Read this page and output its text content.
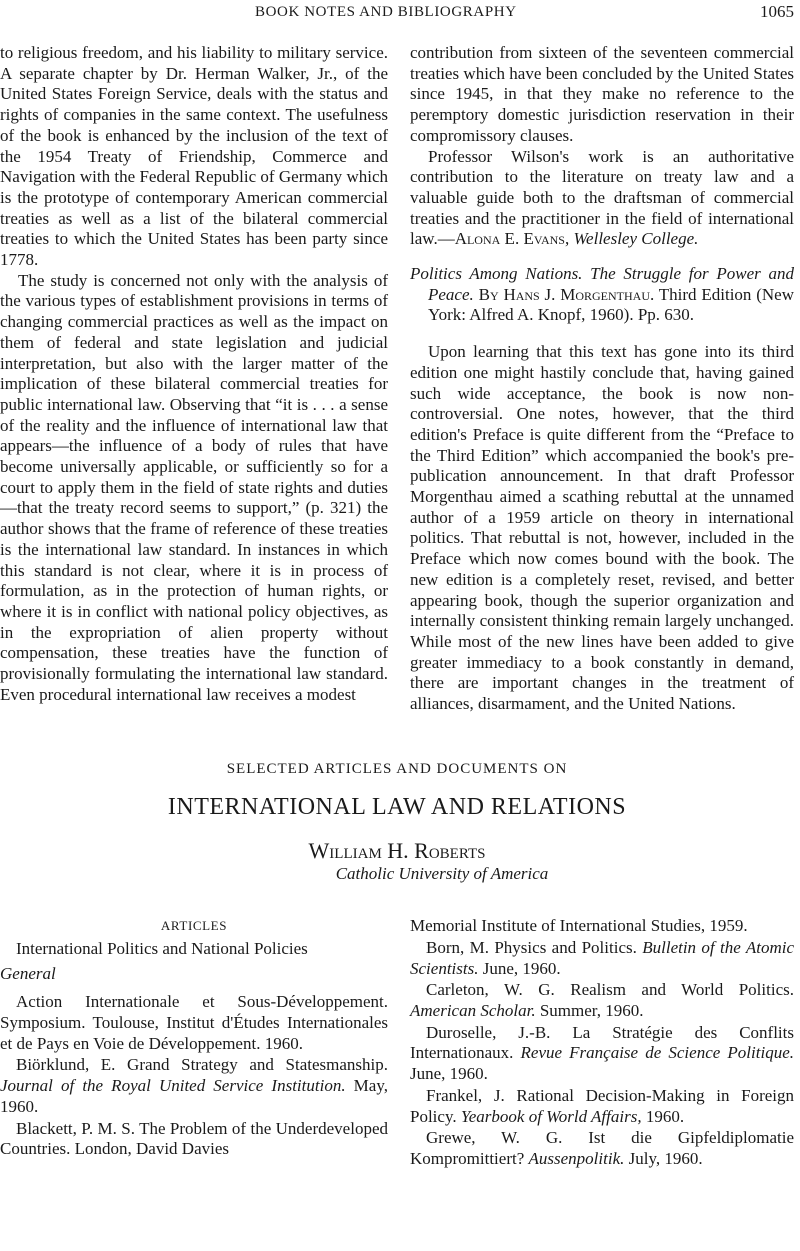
BOOK NOTES AND BIBLIOGRAPHY	1065

to religious freedom, and his liability to military service. A separate chapter by Dr. Herman Walker, Jr., of the United States Foreign Service, deals with the status and rights of companies in the same context. The usefulness of the book is enhanced by the inclusion of the text of the 1954 Treaty of Friendship, Commerce and Navigation with the Federal Republic of Germany which is the prototype of contemporary American commercial treaties as well as a list of the bilateral commercial treaties to which the United States has been party since 1778.

The study is concerned not only with the analysis of the various types of establishment provisions in terms of changing commercial practices as well as the impact on them of federal and state legislation and judicial interpretation, but also with the larger matter of the implication of these bilateral commercial treaties for public international law. Observing that “it is . . . a sense of the reality and the influence of international law that appears—the influence of a body of rules that have become universally applicable, or sufficiently so for a court to apply them in the field of state rights and duties—that the treaty record seems to support,” (p. 321) the author shows that the frame of reference of these treaties is the international law standard. In instances in which this standard is not clear, where it is in process of formulation, as in the protection of human rights, or where it is in conflict with national policy objectives, as in the expropriation of alien property without compensation, these treaties have the function of provisionally formulating the international law standard. Even procedural international law receives a modest

contribution from sixteen of the seventeen commercial treaties which have been concluded by the United States since 1945, in that they make no reference to the peremptory domestic jurisdiction reservation in their compromissory clauses.

Professor Wilson's work is an authoritative contribution to the literature on treaty law and a valuable guide both to the draftsman of commercial treaties and the practitioner in the field of international law.—Alona E. Evans, Wellesley College.

Politics Among Nations. The Struggle for Power and Peace. By Hans J. Morgenthau. Third Edition (New York: Alfred A. Knopf, 1960). Pp. 630.

Upon learning that this text has gone into its third edition one might hastily conclude that, having gained such wide acceptance, the book is now non-controversial. One notes, however, that the third edition's Preface is quite different from the “Preface to the Third Edition” which accompanied the book's pre-publication announcement. In that draft Professor Morgenthau aimed a scathing rebuttal at the unnamed author of a 1959 article on theory in international politics. That rebuttal is not, however, included in the Preface which now comes bound with the book. The new edition is a completely reset, revised, and better appearing book, though the superior organization and internally consistent thinking remain largely unchanged. While most of the new lines have been added to give greater immediacy to a book constantly in demand, there are important changes in the treatment of alliances, disarmament, and the United Nations.

SELECTED ARTICLES AND DOCUMENTS ON
INTERNATIONAL LAW AND RELATIONS
William H. Roberts
Catholic University of America
ARTICLES
International Politics and National Policies
General

Action Internationale et Sous-Développement. Symposium. Toulouse, Institut d'Études Internationales et de Pays en Voie de Développement. 1960.

Biörklund, E. Grand Strategy and Statesmanship. Journal of the Royal United Service Institution. May, 1960.

Blackett, P. M. S. The Problem of the Underdeveloped Countries. London, David Davies

Memorial Institute of International Studies, 1959.

Born, M. Physics and Politics. Bulletin of the Atomic Scientists. June, 1960.

Carleton, W. G. Realism and World Politics. American Scholar. Summer, 1960.

Duroselle, J.-B. La Stratégie des Conflits Internationaux. Revue Française de Science Politique. June, 1960.

Frankel, J. Rational Decision-Making in Foreign Policy. Yearbook of World Affairs, 1960.

Grewe, W. G. Ist die Gipfeldiplomatie Kompromittiert? Aussenpolitik. July, 1960.
